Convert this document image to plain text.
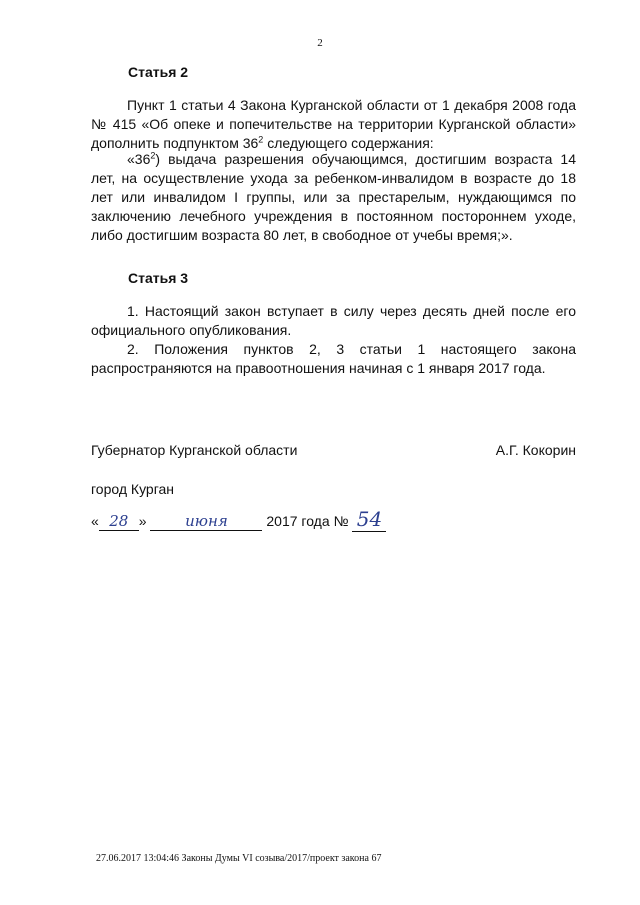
2
Статья 2
Пункт 1 статьи 4 Закона Курганской области от 1 декабря 2008 года № 415 «Об опеке и попечительстве на территории Курганской области» дополнить подпунктом $36^2$ следующего содержания:
«$36^2$) выдача разрешения обучающимся, достигшим возраста 14 лет, на осуществление ухода за ребенком-инвалидом в возрасте до 18 лет или инвалидом I группы, или за престарелым, нуждающимся по заключению лечебного учреждения в постоянном постороннем уходе, либо достигшим возраста 80 лет, в свободное от учебы время;».
Статья 3
1. Настоящий закон вступает в силу через десять дней после его официального опубликования.
2. Положения пунктов 2, 3 статьи 1 настоящего закона распространяются на правоотношения начиная с 1 января 2017 года.
Губернатор Курганской области	А.Г. Кокорин
город Курган
« 28 »	июня	2017 года № 54
27.06.2017 13:04:46 Законы Думы VI созыва/2017/проект закона 67
